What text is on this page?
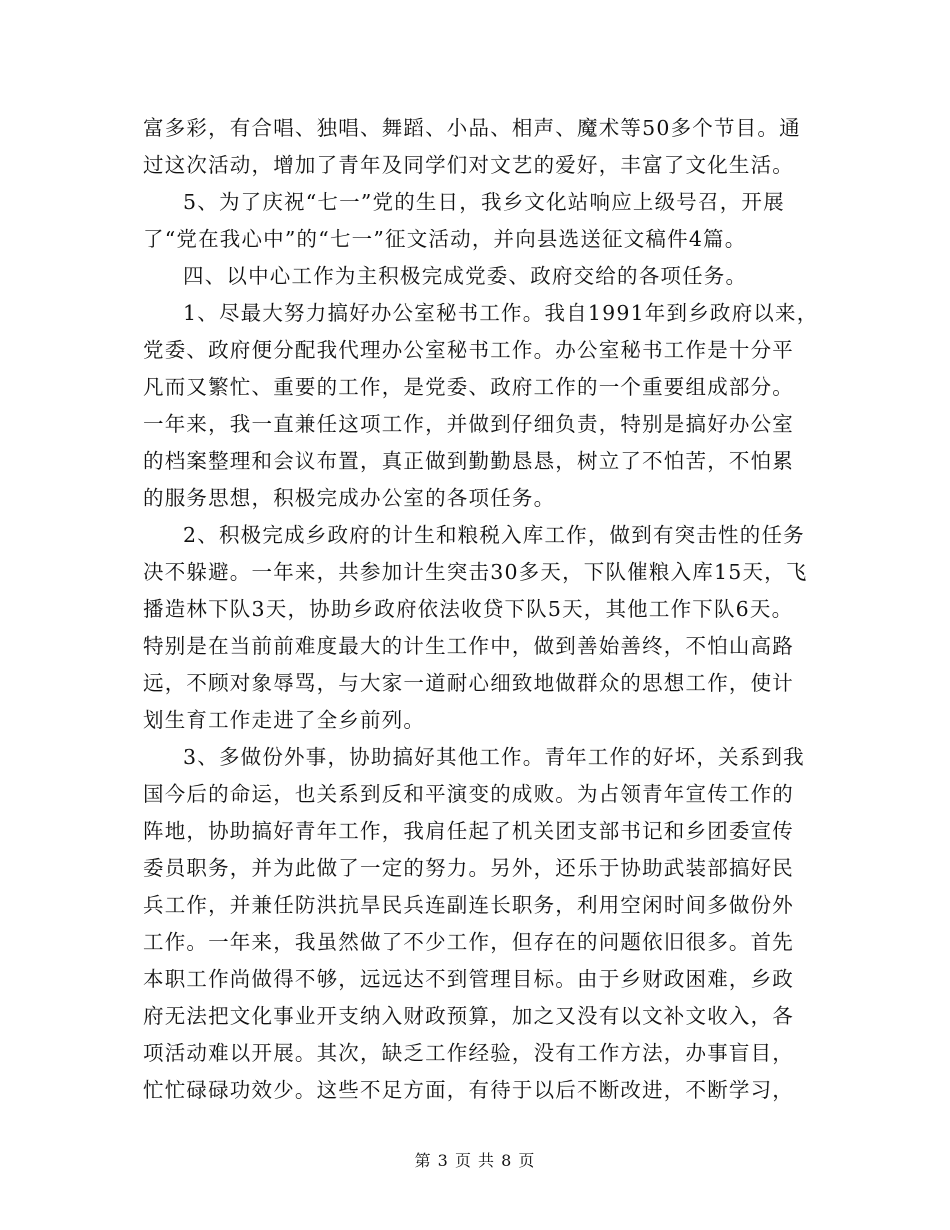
富多彩，有合唱、独唱、舞蹈、小品、相声、魔术等50多个节目。通
过这次活动，增加了青年及同学们对文艺的爱好，丰富了文化生活。
5、为了庆祝“七一”党的生日，我乡文化站响应上级号召，开展
了“党在我心中”的“七一”征文活动，并向县选送征文稿件4篇。
四、以中心工作为主积极完成党委、政府交给的各项任务。
1、尽最大努力搞好办公室秘书工作。我自1991年到乡政府以来，
党委、政府便分配我代理办公室秘书工作。办公室秘书工作是十分平
凡而又繁忙、重要的工作，是党委、政府工作的一个重要组成部分。
一年来，我一直兼任这项工作，并做到仔细负责，特别是搞好办公室
的档案整理和会议布置，真正做到勤勤恳恳，树立了不怕苦，不怕累
的服务思想，积极完成办公室的各项任务。
2、积极完成乡政府的计生和粮税入库工作，做到有突击性的任务
决不躲避。一年来，共参加计生突击30多天，下队催粮入库15天，飞
播造林下队3天，协助乡政府依法收贷下队5天，其他工作下队6天。
特别是在当前前难度最大的计生工作中，做到善始善终，不怕山高路
远，不顾对象辱骂，与大家一道耐心细致地做群众的思想工作，使计
划生育工作走进了全乡前列。
3、多做份外事，协助搞好其他工作。青年工作的好坏，关系到我
国今后的命运，也关系到反和平演变的成败。为占领青年宣传工作的
阵地，协助搞好青年工作，我肩任起了机关团支部书记和乡团委宣传
委员职务，并为此做了一定的努力。另外，还乐于协助武装部搞好民
兵工作，并兼任防洪抗旱民兵连副连长职务，利用空闲时间多做份外
工作。一年来，我虽然做了不少工作，但存在的问题依旧很多。首先
本职工作尚做得不够，远远达不到管理目标。由于乡财政困难，乡政
府无法把文化事业开支纳入财政预算，加之又没有以文补文收入，各
项活动难以开展。其次，缺乏工作经验，没有工作方法，办事盲目，
忙忙碌碌功效少。这些不足方面，有待于以后不断改进，不断学习，
第 3 页 共 8 页
